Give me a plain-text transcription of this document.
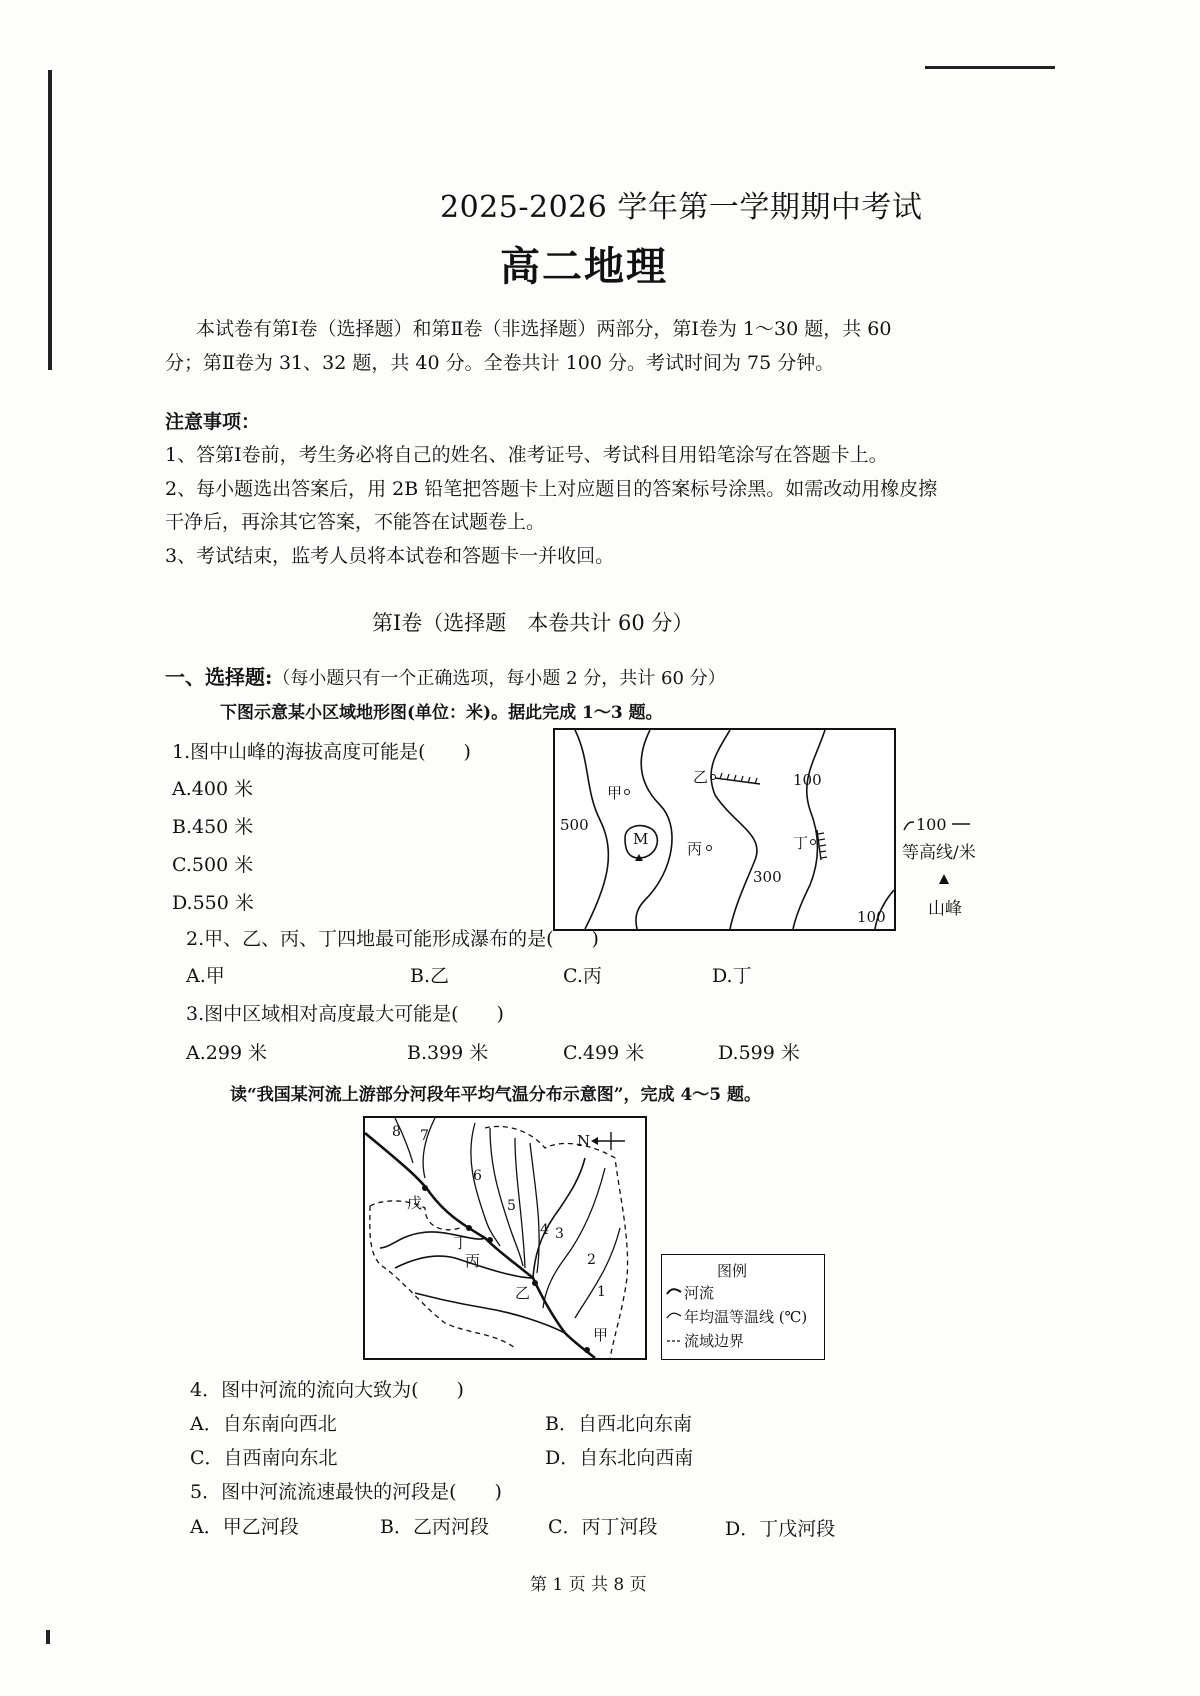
2025-2026 学年第一学期期中考试
高二地理
本试卷有第Ⅰ卷（选择题）和第Ⅱ卷（非选择题）两部分，第Ⅰ卷为 1～30 题，共 60
分；第Ⅱ卷为 31、32 题，共 40 分。全卷共计 100 分。考试时间为 75 分钟。
注意事项：
1、答第Ⅰ卷前，考生务必将自己的姓名、准考证号、考试科目用铅笔涂写在答题卡上。
2、每小题选出答案后，用 2B 铅笔把答题卡上对应题目的答案标号涂黑。如需改动用橡皮擦
干净后，再涂其它答案，不能答在试题卷上。
3、考试结束，监考人员将本试卷和答题卡一并收回。
第Ⅰ卷（选择题　本卷共计 60 分）
一、选择题:（每小题只有一个正确选项，每小题 2 分，共计 60 分）
下图示意某小区域地形图(单位：米)。据此完成 1～3 题。
1.图中山峰的海拔高度可能是(　　)
A.400 米
B.450 米
C.500 米
D.550 米
甲
乙
丙	丁
M
500
300
100
100
100
等高线/米
山峰
2.甲、乙、丙、丁四地最可能形成瀑布的是(　　)
A.甲	B.乙	C.丙	D.丁
3.图中区域相对高度最大可能是(　　)
A.299 米	B.399 米	C.499 米	D.599 米
读“我国某河流上游部分河段年平均气温分布示意图”，完成 4～5 题。
戊
丁
丙
乙
甲
8 7
6
5
4 3
2
1
N
图例
河流
年均温等温线 (℃)
流域边界
4．图中河流的流向大致为(　　)
A．自东南向西北	B．自西北向东南
C．自西南向东北	D．自东北向西南
5．图中河流流速最快的河段是(　　)
A．甲乙河段	B．乙丙河段	C．丙丁河段	D．丁戊河段
第 1 页 共 8 页
